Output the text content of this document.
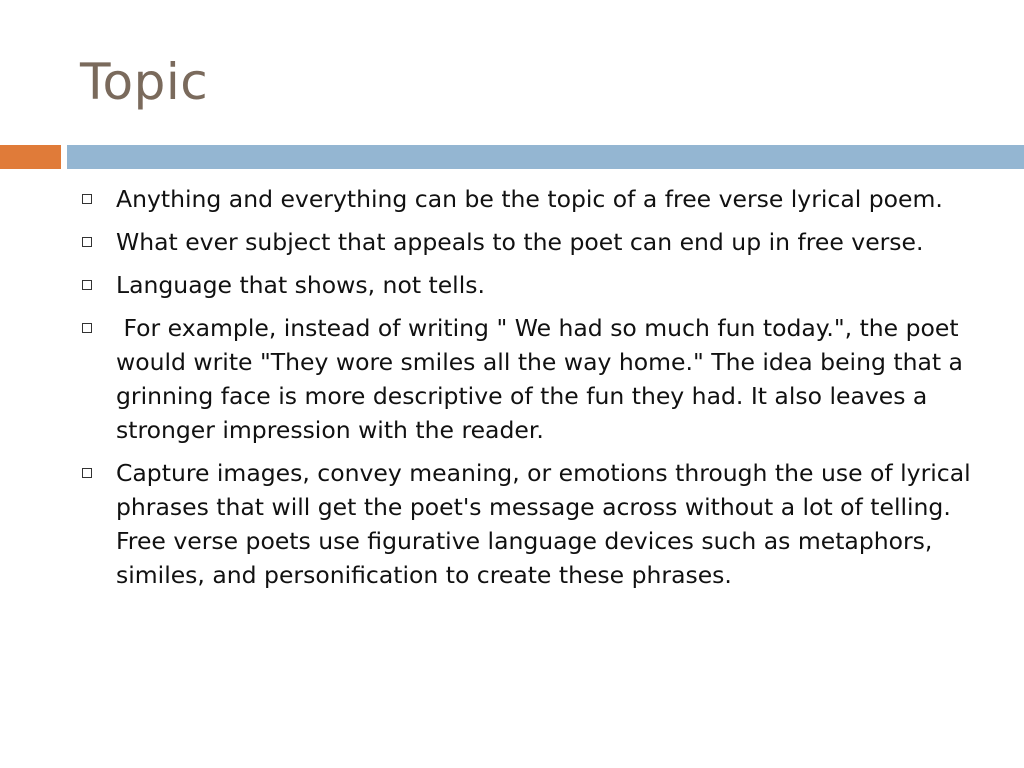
Topic
Anything and everything can be the topic of a free verse lyrical poem.
What ever subject that appeals to the poet can end up in free verse.
Language that shows, not tells.
For example, instead of writing " We had so much fun today.", the poet would write "They wore smiles all the way home." The idea being that a grinning face is more descriptive of the fun they had. It also leaves a stronger impression with the reader.
Capture images, convey meaning, or emotions through the use of lyrical phrases that will get the poet's message across without a lot of telling. Free verse poets use figurative language devices such as metaphors, similes, and personification to create these phrases.
